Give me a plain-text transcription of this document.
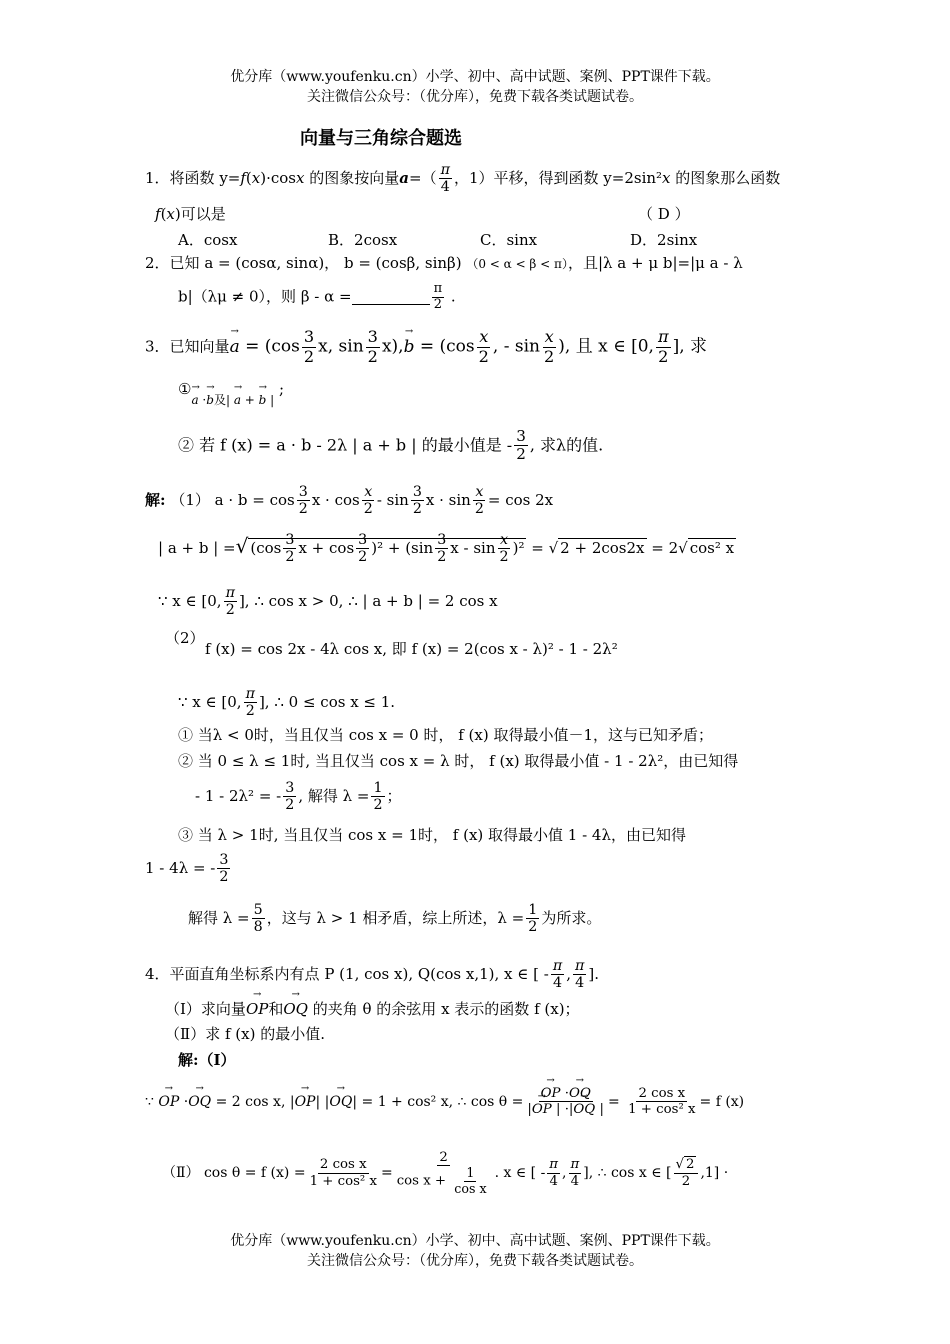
优分库（www.youfenku.cn）小学、初中、高中试题、案例、PPT课件下载。
关注微信公众号：（优分库），免费下载各类试题试卷。
向量与三角综合题选
1．将函数 y=f(x)·cosx 的图象按向量$a=( \frac{\pi}{4}$ ，1）平移，得到函数 y=2sin²x 的图象那么函数
f(x)可以是	（ D ）
A．cosx	B．2cosx	C．sinx	D．2sinx
2．已知 a = (cosα, sinα)， b = (cosβ, sinβ) （0 < α < β < π），且|λ a + μ b|=|μ a - λ
b|（λμ ≠ 0），则 β - α =	$\frac{\pi}{2}$ .
3．已知向量→ $a = (\cos \frac{3}{2} x$, $\sin \frac{3}{2} x),\to b = (\cos \frac{x}{2}$ , - $\sin \frac{x}{2}$ ), 且 x ∈ [0, $\frac{\pi}{2}$ ], 求
①→ $_{a \cdot\to b及| \to a + \to b |}$ ;
② 若 f (x) = a · b - 2λ | a + b | 的最小值是 - $\frac{3}{2}$ , 求λ的值.
解: （1） $a \cdot b = \cos \frac{3}{2}$ $x \cdot \cos \frac{x}{2} - \sin \frac{3}{2}$ $x \cdot \sin \frac{x}{2} = \cos 2x$
| a + b | =√ ($\cos \frac{3}{2}$ $x + \cos \frac{3}{2} )^2 + (\sin \frac{3}{2}$ x - $\sin \frac{x}{2} )^2$ = √ 2 + 2cos2x = 2√ cos² x
∵ x ∈ [0, $\frac{\pi}{2}$ ], ∴ cos x > 0, ∴ | a + b | = 2 cos x
（2）
f (x) = cos 2x - 4λ cos x, 即 f (x) = 2(cos x - λ)² - 1 - 2λ²
∵ x ∈ [0, $\frac{\pi}{2}$ ], ∴ 0 ≤ cos x ≤ 1.
① 当λ < 0时，当且仅当 cos x = 0 时， f (x) 取得最小值－1，这与已知矛盾；
② 当 0 ≤ λ ≤ 1时, 当且仅当 cos x = λ 时， f (x) 取得最小值 - 1 - 2λ²，由已知得
- 1 - 2λ² = - $\frac{3}{2}$ , 解得 $\lambda = \frac{1}{2}$ ；
③ 当 λ > 1时, 当且仅当 cos x = 1时， f (x) 取得最小值 1 - 4λ，由已知得
1 - 4λ = - $\frac{3}{2}$
解得 $\lambda = \frac{5}{8}$ ，这与 λ > 1 相矛盾，综上所述，$\lambda = \frac{1}{2}$ 为所求。
4．平面直角坐标系内有点 P (1, cos x), Q(cos x,1), x ∈ [ - $\frac{\pi}{4}$ , $\frac{\pi}{4}$ ].
（Ⅰ）求向量→ OP和→ OQ 的夹角 θ 的余弦用 x 表示的函数 f (x)；
（Ⅱ）求 f (x) 的最小值.
解:（Ⅰ）
∵ → OP ·→ OQ = 2 cos x, |→ OP| |→ OQ| = 1 + cos² x, ∴ cos θ = → $\frac{OP \cdot\to OQ}{|\to OP | \cdot|\to OQ |} = \frac{\text{2 cos x}}{\text{1 + cos² x}} = f$ (x)
（Ⅱ） cos θ = f $(x) = \frac{\text{2 cos x}}{\text{1 + cos² x}} = \frac{2}{\cos x + \frac{1}{\text{cos x}}}$ . x ∈ [ - $\frac{\pi}{4}$ , $\frac{\pi}{4}$ ], ∴ cos x ∈ [ $\frac{√ 2}{2} ,1$] ·
优分库（www.youfenku.cn）小学、初中、高中试题、案例、PPT课件下载。
关注微信公众号：（优分库），免费下载各类试题试卷。
